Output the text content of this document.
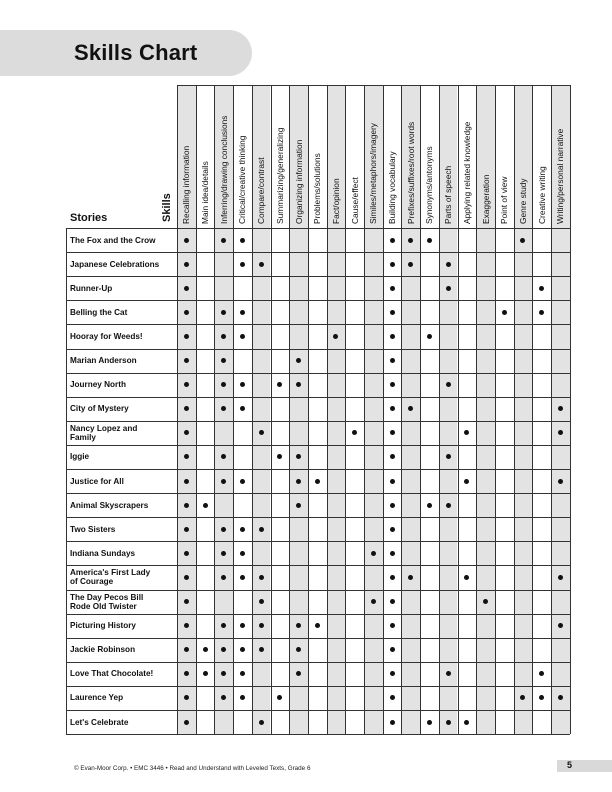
Skills Chart
Recalling information Main idea/details Inferring/drawing conclusions Critical/creative thinking Compare/contrast Summarizing/generalizing Organizing information Problems/solutions Fact/opinion Cause/effect Similes/metaphors/imagery Building vocabulary Prefixes/suffixes/root words Synonyms/antonyms Parts of speech Applying related knowledge Exaggeration Point of view Genre study Creative writing Writing/personal narrative
Skills
Stories
The Fox and the Crow
Japanese Celebrations
Runner-Up
Belling the Cat
Hooray for Weeds!
Marian Anderson
Journey North
City of Mystery
Nancy Lopez and
Family
Iggie
Justice for All
Animal Skyscrapers
Two Sisters
Indiana Sundays
America's First Lady
of Courage
The Day Pecos Bill
Rode Old Twister
Picturing History
Jackie Robinson
Love That Chocolate!
Laurence Yep
Let's Celebrate
© Evan-Moor Corp. • EMC 3446 • Read and Understand with Leveled Texts, Grade 6	5
